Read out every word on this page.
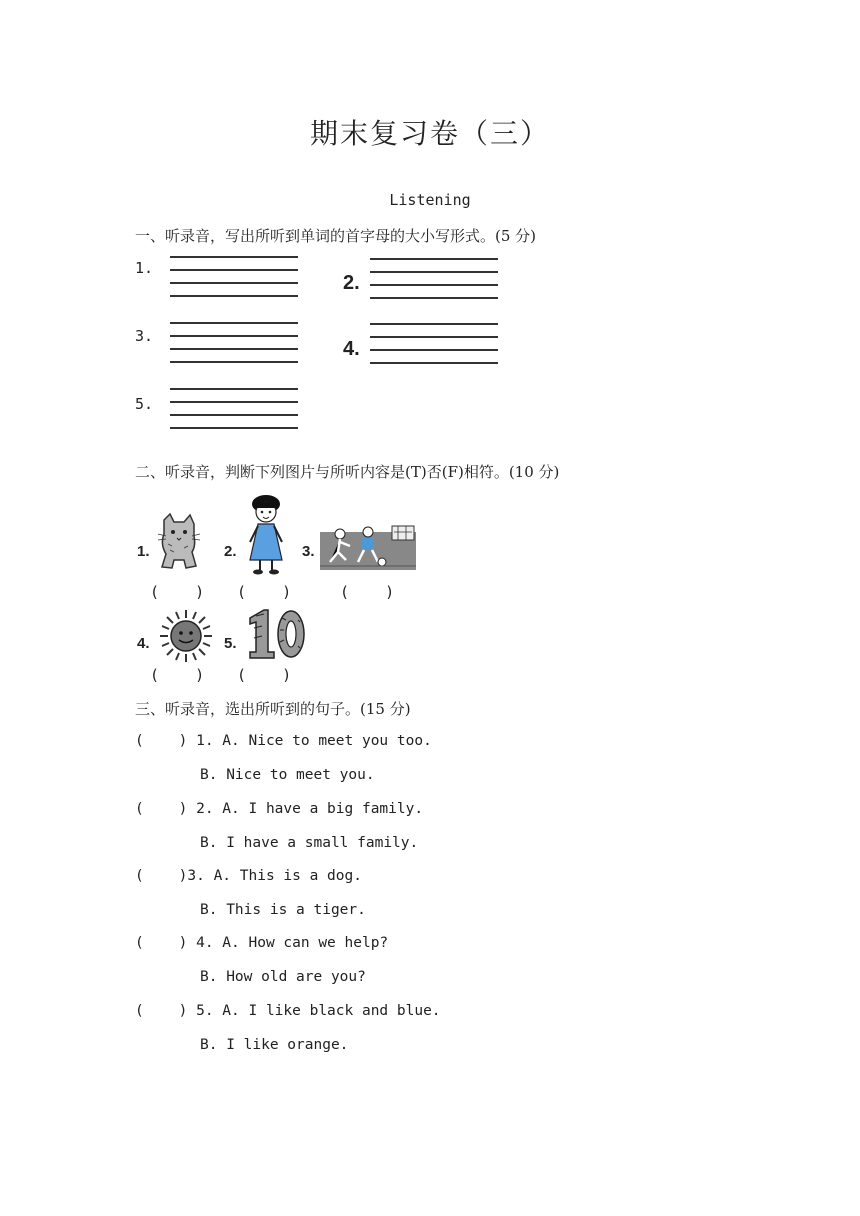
期末复习卷（三）
Listening
一、听录音，写出所听到单词的首字母的大小写形式。(5 分)
1.
2.
3.
4.
5.
二、听录音，判断下列图片与所听内容是(T)否(F)相符。(10 分)
1.
(    )
2.
(    )
3.
(    )
4.
(    )
5.
(    )
三、听录音，选出所听到的句子。(15 分)
(    ) 1. A. Nice to meet you too.
B. Nice to meet you.
(    ) 2. A. I have a big family.
B. I have a small family.
(    )3. A. This is a dog.
B. This is a tiger.
(    ) 4. A. How can we help?
B. How old are you?
(    ) 5. A. I like black and blue.
B. I like orange.
